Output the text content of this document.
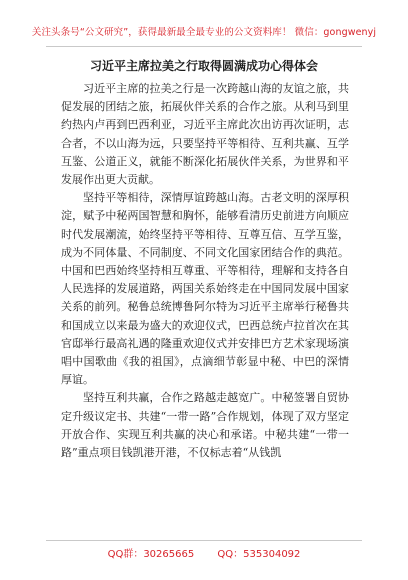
关注头条号“公文研究”，获得最新最全最专业的公文资料库！ 微信：gongwenyj
习近平主席拉美之行取得圆满成功心得体会

习近平主席的拉美之行是一次跨越山海的友谊之旅，共促发展的团结之旅，拓展伙伴关系的合作之旅。从利马到里约热内卢再到巴西利亚，习近平主席此次出访再次证明，志合者，不以山海为远，只要坚持平等相待、互利共赢、互学互鉴、公道正义，就能不断深化拓展伙伴关系，为世界和平发展作出更大贡献。

坚持平等相待，深情厚谊跨越山海。古老文明的深厚积淀，赋予中秘两国智慧和胸怀，能够看清历史前进方向顺应时代发展潮流，始终坚持平等相待、互尊互信、互学互鉴，成为不同体量、不同制度、不同文化国家团结合作的典范。中国和巴西始终坚持相互尊重、平等相待，理解和支持各自人民选择的发展道路，两国关系始终走在中国同发展中国家关系的前列。秘鲁总统博鲁阿尔特为习近平主席举行秘鲁共和国成立以来最为盛大的欢迎仪式，巴西总统卢拉首次在其官邸举行最高礼遇的隆重欢迎仪式并安排巴方艺术家现场演唱中国歌曲《我的祖国》，点滴细节彰显中秘、中巴的深情厚谊。

坚持互利共赢，合作之路越走越宽广。中秘签署自贸协定升级议定书、共建“一带一路”合作规划，体现了双方坚定开放合作、实现互利共赢的决心和承诺。中秘共建“一带一路”重点项目钱凯港开港，不仅标志着“从钱凯

QQ群：30265665 QQ：535304092
